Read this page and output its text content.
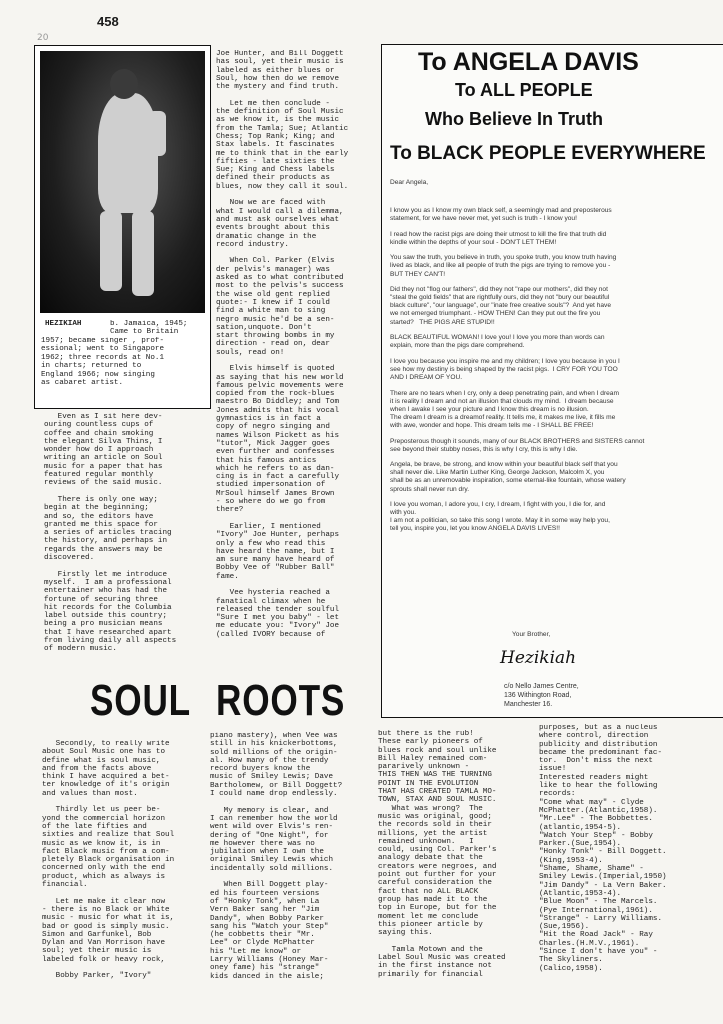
458
20
HEZIKIAH	b. Jamaica, 1945;
Came to Britain
1957; became singer , prof-
essional; went to Singapore
1962; three records at No.1
in charts; returned to
England 1966; now singing
as cabaret artist.
Even as I sit here dev-
ouring countless cups of
coffee and chain smoking
the elegant Silva Thins, I
wonder how do I approach
writing an article on Soul
music for a paper that has
featured regular monthly
reviews of the said music.

There is only one way;
begin at the beginning;
and so, the editors have
granted me this space for
a series of articles tracing
the history, and perhaps in
regards the answers may be
discovered.

Firstly let me introduce
myself.  I am a professional
entertainer who has had the
fortune of securing three
hit records for the Columbia
label outside this country;
being a pro musician means
that I have researched apart
from living daily all aspects
of modern music.
Joe Hunter, and Bill Doggett
has soul, yet their music is
labeled as either blues or
Soul, how then do we remove
the mystery and find truth.

Let me then conclude -
the definition of Soul Music
as we know it, is the music
from the Tamla; Sue; Atlantic
Chess; Top Rank; King; and
Stax labels. It fascinates
me to think that in the early
fifties - late sixties the
Sue; King and Chess labels
defined their products as
blues, now they call it soul.

Now we are faced with
what I would call a dilemma,
and must ask ourselves what
events brought about this
dramatic change in the
record industry.

When Col. Parker (Elvis
der pelvis's manager) was
asked as to what contributed
most to the pelvis's success
the wise old gent replied
quote:- I knew if I could
find a white man to sing
negro music he'd be a sen-
sation,unquote. Don't
start throwing bombs in my
direction - read on, dear
souls, read on!

Elvis himself is quoted
as saying that his new world
famous pelvic movements were
copied from the rock-blues
maestro Bo Diddley; and Tom
Jones admits that his vocal
gymnastics is in fact a
copy of negro singing and
names Wilson Pickett as his
"tutor", Mick Jagger goes
even further and confesses
that his famous antics
which he refers to as dan-
cing is in fact a carefully
studied impersonation of
MrSoul himself James Brown
- so where do we go from
there?

Earlier, I mentioned
"Ivory" Joe Hunter, perhaps
only a few who read this
have heard the name, but I
am sure many have heard of
Bobby Vee of "Rubber Ball"
fame.

Vee hysteria reached a
fanatical climax when he
released the tender soulful
"Sure I met you baby" - let
me educate you: "Ivory" Joe
(called IVORY because of
To ANGELA DAVIS
To ALL PEOPLE
Who Believe In Truth
To BLACK PEOPLE EVERYWHERE
Dear Angela,
I know you as I know my own black self, a seemingly mad and preposterous
statement, for we have never met, yet such is truth - I know you!
I read how the racist pigs are doing their utmost to kill the fire that truth did
kindle within the depths of your soul - DON'T LET THEM!
You saw the truth, you believe in truth, you spoke truth, you know truth having
lived as black, and like all people of truth the pigs are trying to remove you -
BUT THEY CAN'T!
Did they not "flog our fathers", did they not "rape our mothers", did they not
"steal the gold fields" that are rightfully ours, did they not "bury our beautiful
black culture", "our language", our "inate free creative souls"?  And yet have
we not emerged triumphant. - HOW THEN! Can they put out the fire you
started?   THE PIGS ARE STUPID!!
BLACK BEAUTIFUL WOMAN! I love you! I love you more than words can
explain, more than the pigs dare comprehend.
I love you because you inspire me and my children; I love you because in you I
see how my destiny is being shaped by the racist pigs.  I CRY FOR YOU TOO
AND I DREAM OF YOU.
There are no tears when I cry, only a deep penetrating pain, and when I dream
it is reality I dream and not an illusion that clouds my mind.  I dream because
when I awake I see your picture and I know this dream is no illusion.
The dream I dream is a dreamof reality. It tells me, it makes me live, it fills me
with awe, wonder and hope. This dream tells me - I SHALL BE FREE!
Preposterous though it sounds, many of our BLACK BROTHERS and SISTERS cannot
see beyond their stubby noses, this is why I cry, this is why I die.
Angela, be brave, be strong, and know within your beautiful black self that you
shall never die. Like Martin Luther King, George Jackson, Malcolm X, you
shall be as an unremovable inspiration, some eternal-like fountain, whose watery
sprouts shall never run dry.
I love you woman, I adore you, I cry, I dream, I fight with you, I die for, and
with you.
I am not a politician, so take this song I wrote. May it in some way help you,
tell you, inspire you, let you know ANGELA DAVIS LIVES!!
Your Brother,
Hezikiah
c/o Nello James Centre,
136 Withington Road,
Manchester 16.
SOUL ROOTS
Secondly, to really write
about Soul Music one has to
define what is soul music,
and from the facts above
think I have acquired a bet-
ter knowledge of it's origin
and values than most.

Thirdly let us peer be-
yond the commercial horizon
of the late fifties and
sixties and realize that Soul
music as we know it, is in
fact Black music from a com-
pletely Black organisation in
concerned only with the end
product, which as always is
financial.

Let me make it clear now
- there is no Black or White
music - music for what it is,
bad or good is simply music.
Simon and Garfunkel, Bob
Dylan and Van Morrison have
soul; yet their music is
labeled folk or heavy rock,

Bobby Parker, "Ivory"
piano mastery), when Vee was
still in his knickerbottoms,
sold millions of the origin-
al. How many of the trendy
record buyers know the
music of Smiley Lewis; Dave
Bartholomew, or Bill Doggett?
I could name drop endlessly.

My memory is clear, and
I can remember how the world
went wild over Elvis's ren-
dering of "One Night", for
me however there was no
jubilation when I own the
original Smiley Lewis which
incidentally sold millions.

When Bill Doggett play-
ed his fourteen versions
of "Honky Tonk", when La
Vern Baker sang her "Jim
Dandy", when Bobby Parker
sang his "Watch your Step"
(he cobbetts their "Mr.
Lee" or Clyde McPhatter
his "Let me know" or
Larry Williams (Honey Mar-
oney fame) his "strange"
kids danced in the aisle;
but there is the rub!
These early pioneers of
blues rock and soul unlike
Bill Haley remained com-
pararively unknown -
THIS THEN WAS THE TURNING
POINT IN THE EVOLUTION
THAT HAS CREATED TAMLA MO-
TOWN, STAX AND SOUL MUSIC.
What was wrong?  The
music was original, good;
the records sold in their
millions, yet the artist
remained unknown.   I
could, using Col. Parker's
analogy debate that the
creators were negroes, and
point out further for your
careful consideration the
fact that no ALL BLACK
group has made it to the
top in Europe, but for the
moment let me conclude
this pioneer article by
saying this.

Tamla Motown and the
Label Soul Music was created
in the first instance not
primarily for financial
purposes, but as a nucleus
where control, direction
publicity and distribution
became the predominant fac-
tor.  Don't miss the next
issue!
Interested readers might
like to hear the following
records:
"Come what may" - Clyde
McPhatter.(Atlantic,1958).
"Mr.Lee" - The Bobbettes.
(atlantic,1954-5).
"Watch Your Step" - Bobby
Parker.(Sue,1954).
"Honky Tonk" - Bill Doggett.
(King,1953-4).
"Shame, Shame, Shame" -
Smiley Lewis.(Imperial,1950)
"Jim Dandy" - La Vern Baker.
(Atlantic,1953-4).
"Blue Moon" - The Marcels.
(Pye International,1961).
"Strange" - Larry Williams.
(Sue,1956).
"Hit the Road Jack" - Ray
Charles.(H.M.V.,1961).
"Since I don't have you" -
The Skyliners.
(Calico,1958).
